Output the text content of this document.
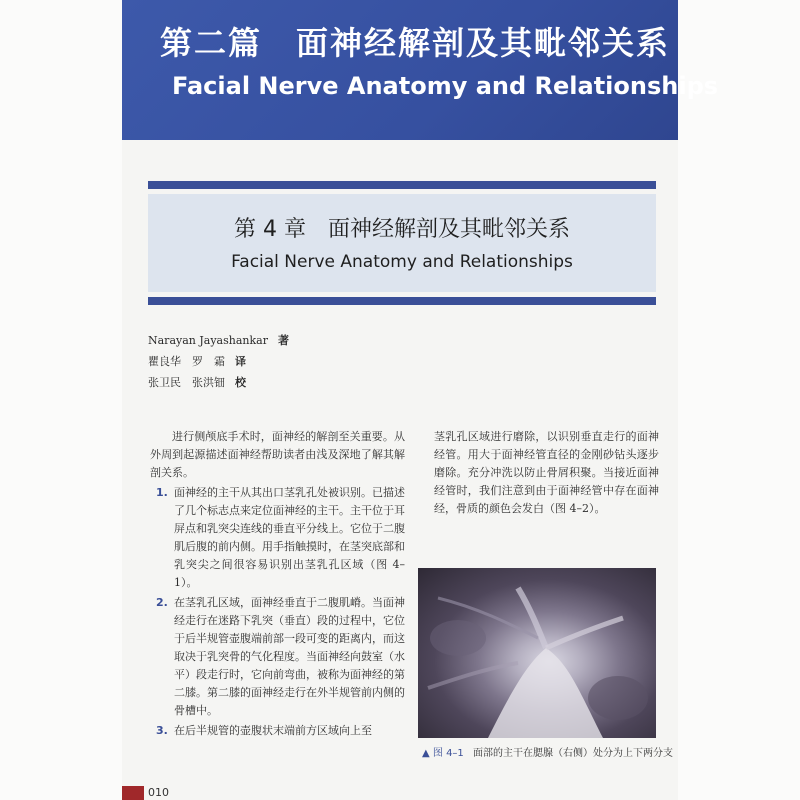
第二篇　面神经解剖及其毗邻关系
Facial Nerve Anatomy and Relationships
第 4 章　面神经解剖及其毗邻关系
Facial Nerve Anatomy and Relationships
Narayan Jayashankar 著
瞿良华　罗　霜 译
张卫民　张洪钿 校
进行侧颅底手术时，面神经的解剖至关重要。从外周到起源描述面神经帮助读者由浅及深地了解其解剖关系。
1. 面神经的主干从其出口茎乳孔处被识别。已描述了几个标志点来定位面神经的主干。主干位于耳屏点和乳突尖连线的垂直平分线上。它位于二腹肌后腹的前内侧。用手指触摸时，在茎突底部和乳突尖之间很容易识别出茎乳孔区域（图 4–1）。
2. 在茎乳孔区域，面神经垂直于二腹肌嵴。当面神经走行在迷路下乳突（垂直）段的过程中，它位于后半规管壶腹端前部一段可变的距离内，而这取决于乳突骨的气化程度。当面神经向鼓室（水平）段走行时，它向前弯曲，被称为面神经的第二膝。第二膝的面神经走行在外半规管前内侧的骨槽中。
3. 在后半规管的壶腹状末端前方区域向上至
茎乳孔区域进行磨除，以识别垂直走行的面神经管。用大于面神经管直径的金刚砂钻头逐步磨除。充分冲洗以防止骨屑积聚。当接近面神经管时，我们注意到由于面神经管中存在面神经，骨质的颜色会发白（图 4–2）。
▲ 图 4–1 面部的主干在腮腺（右侧）处分为上下两分支
010
